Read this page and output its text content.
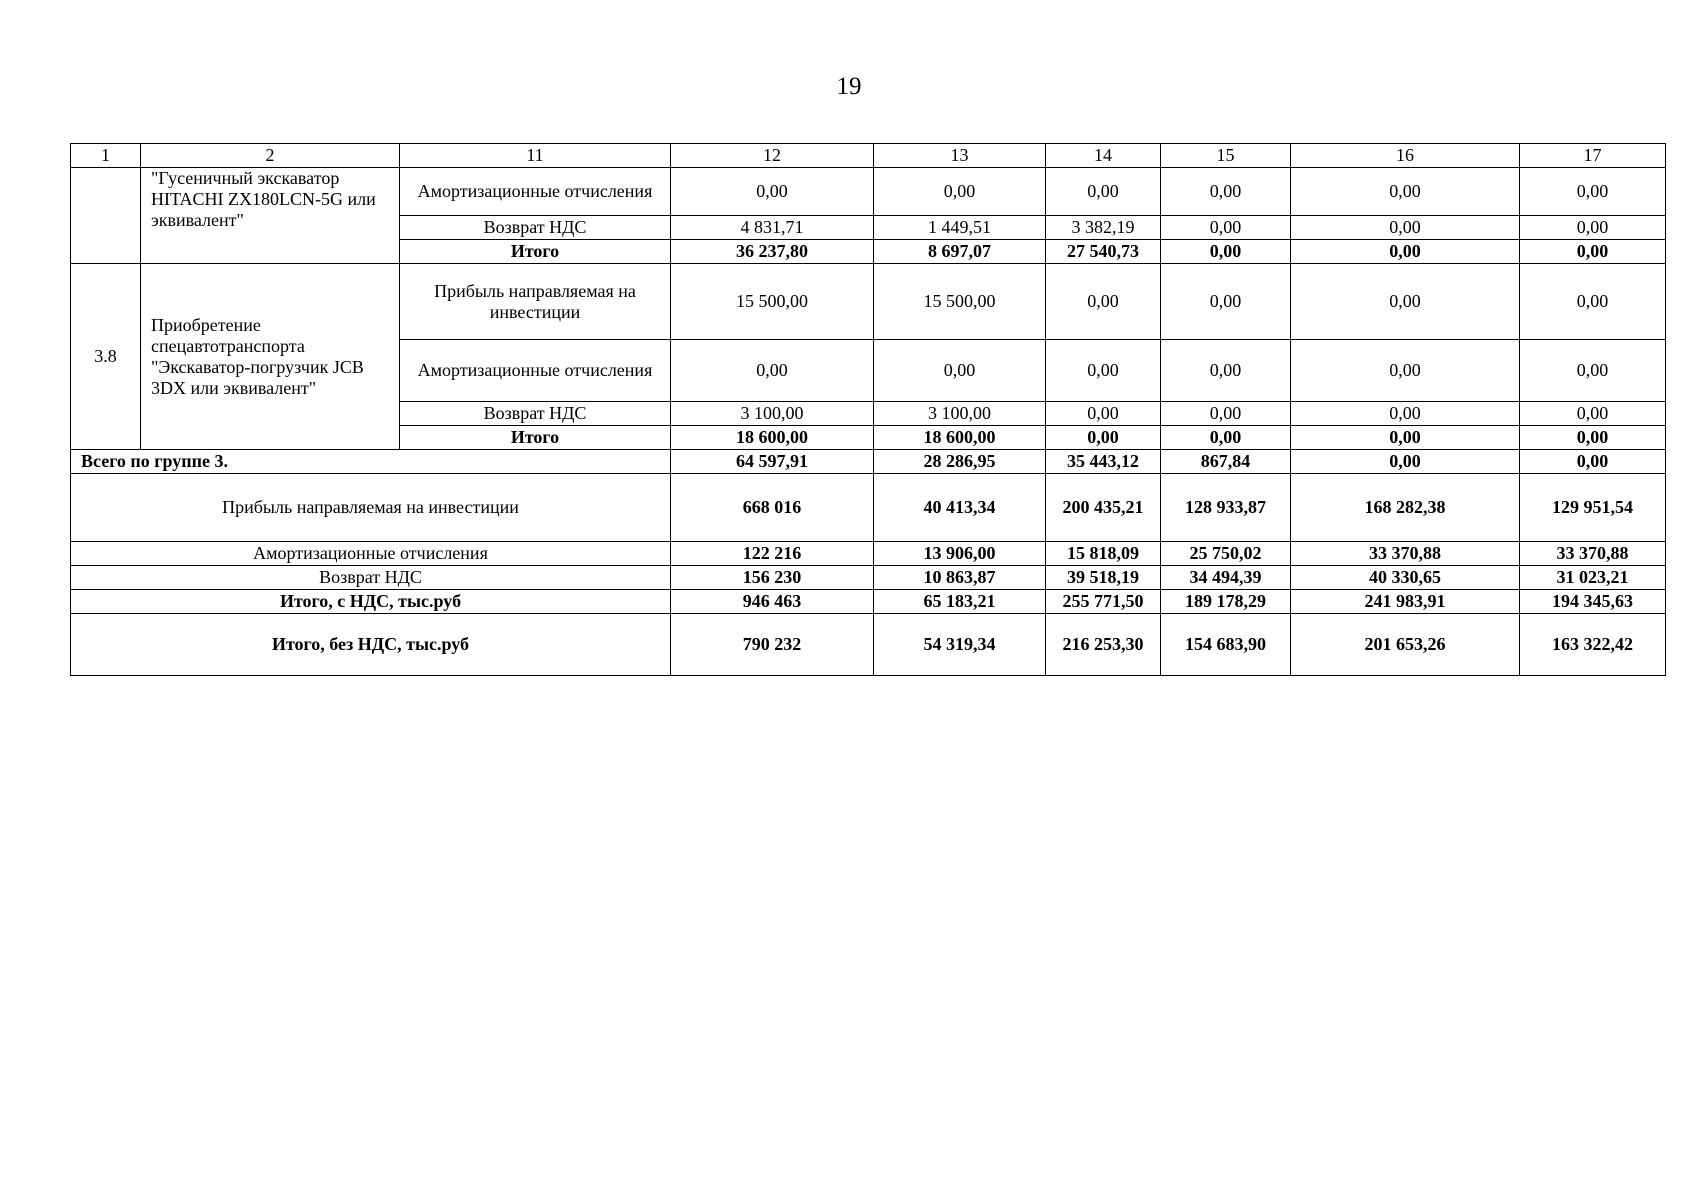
19
1	2	11	12	13	14	15	16	17
	"Гусеничный экскаватор HITACHI ZX180LCN-5G или эквивалент"	Амортизационные отчисления	0,00	0,00	0,00	0,00	0,00	0,00
		Возврат НДС	4 831,71	1 449,51	3 382,19	0,00	0,00	0,00
		Итого	36 237,80	8 697,07	27 540,73	0,00	0,00	0,00
3.8	Приобретение спецавтотранспорта "Экскаватор-погрузчик JCB 3DX или эквивалент"	Прибыль направляемая на инвестиции	15 500,00	15 500,00	0,00	0,00	0,00	0,00
		Амортизационные отчисления	0,00	0,00	0,00	0,00	0,00	0,00
		Возврат НДС	3 100,00	3 100,00	0,00	0,00	0,00	0,00
		Итого	18 600,00	18 600,00	0,00	0,00	0,00	0,00
Всего по группе 3.			64 597,91	28 286,95	35 443,12	867,84	0,00	0,00
Прибыль направляемая на инвестиции			668 016	40 413,34	200 435,21	128 933,87	168 282,38	129 951,54
Амортизационные отчисления			122 216	13 906,00	15 818,09	25 750,02	33 370,88	33 370,88
Возврат НДС			156 230	10 863,87	39 518,19	34 494,39	40 330,65	31 023,21
Итого, с НДС, тыс.руб			946 463	65 183,21	255 771,50	189 178,29	241 983,91	194 345,63
Итого, без НДС, тыс.руб			790 232	54 319,34	216 253,30	154 683,90	201 653,26	163 322,42
